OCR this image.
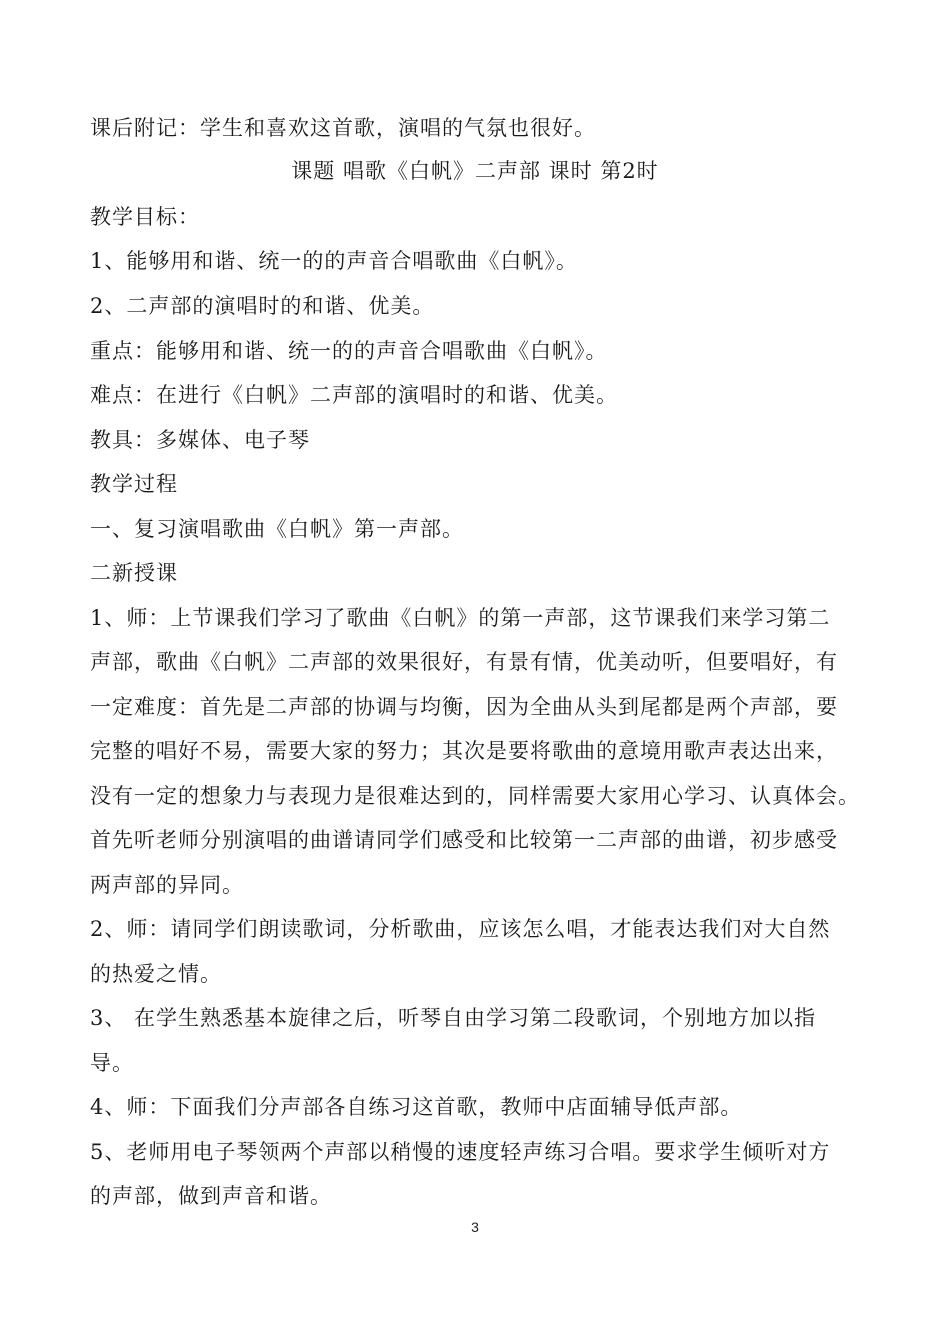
课后附记：学生和喜欢这首歌，演唱的气氛也很好。
课题 唱歌《白帆》二声部 课时 第2时
教学目标：
1、能够用和谐、统一的的声音合唱歌曲《白帆》。
2、二声部的演唱时的和谐、优美。
重点：能够用和谐、统一的的声音合唱歌曲《白帆》。
难点：在进行《白帆》二声部的演唱时的和谐、优美。
教具：多媒体、电子琴
教学过程
一、复习演唱歌曲《白帆》第一声部。
二新授课
1、师：上节课我们学习了歌曲《白帆》的第一声部，这节课我们来学习第二
声部，歌曲《白帆》二声部的效果很好，有景有情，优美动听，但要唱好，有
一定难度：首先是二声部的协调与均衡，因为全曲从头到尾都是两个声部，要
完整的唱好不易，需要大家的努力；其次是要将歌曲的意境用歌声表达出来，
没有一定的想象力与表现力是很难达到的，同样需要大家用心学习、认真体会。
首先听老师分别演唱的曲谱请同学们感受和比较第一二声部的曲谱，初步感受
两声部的异同。
2、师：请同学们朗读歌词，分析歌曲，应该怎么唱，才能表达我们对大自然
的热爱之情。
3、 在学生熟悉基本旋律之后，听琴自由学习第二段歌词，个别地方加以指
导。
4、师：下面我们分声部各自练习这首歌，教师中店面辅导低声部。
5、老师用电子琴领两个声部以稍慢的速度轻声练习合唱。要求学生倾听对方
的声部，做到声音和谐。
3
